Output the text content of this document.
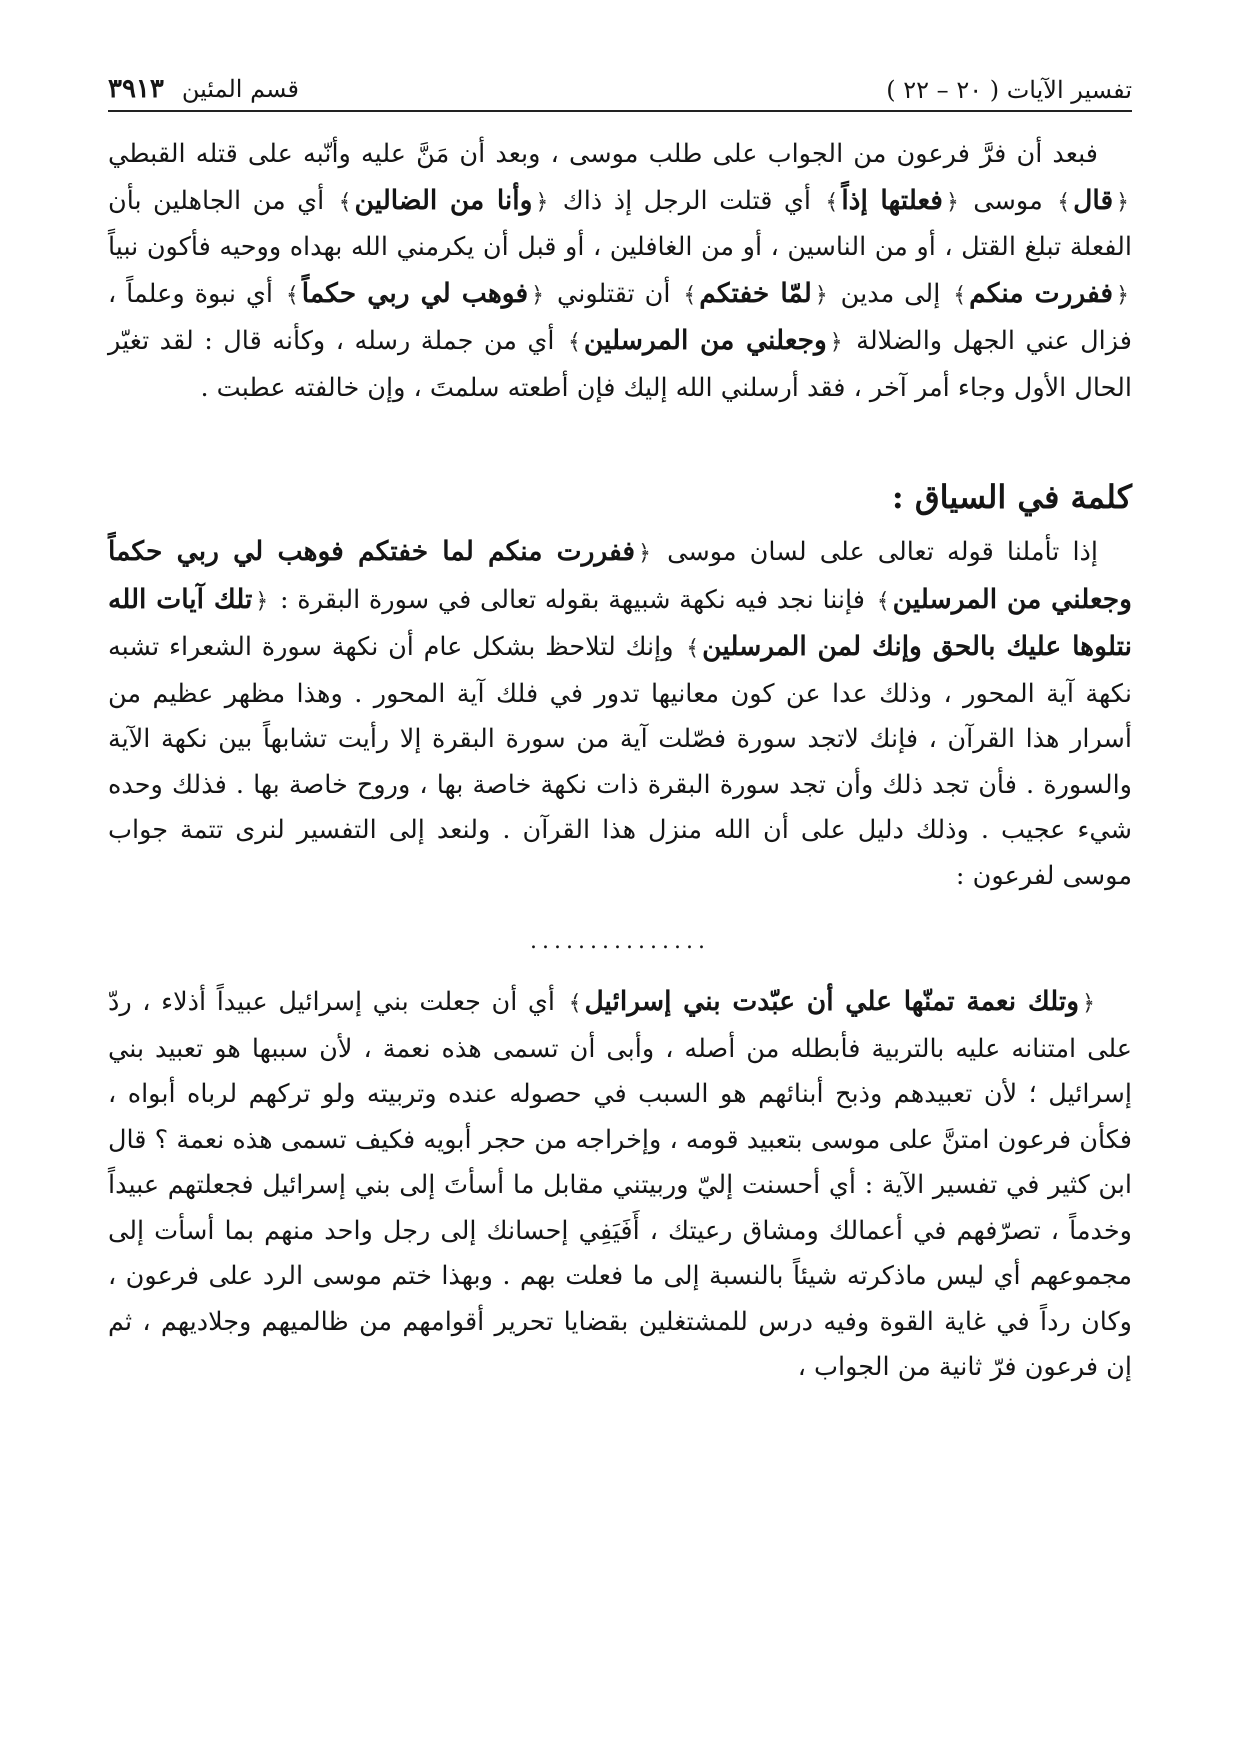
تفسير الآيات ( ٢٠ – ٢٢ )
قسم المئين
٣٩١٣

فبعد أن فرَّ فرعون من الجواب على طلب موسى ، وبعد أن مَنَّ عليه وأنّبه على قتله القبطي ﴿قال﴾ موسى ﴿فعلتها إذاً﴾ أي قتلت الرجل إذ ذاك ﴿وأنا من الضالين﴾ أي من الجاهلين بأن الفعلة تبلغ القتل ، أو من الناسين ، أو من الغافلين ، أو قبل أن يكرمني الله بهداه ووحيه فأكون نبياً ﴿ففررت منكم﴾ إلى مدين ﴿لمّا خفتكم﴾ أن تقتلوني ﴿فوهب لي ربي حكماً﴾ أي نبوة وعلماً ، فزال عني الجهل والضلالة ﴿وجعلني من المرسلين﴾ أي من جملة رسله ، وكأنه قال : لقد تغيّر الحال الأول وجاء أمر آخر ، فقد أرسلني الله إليك فإن أطعته سلمتَ ، وإن خالفته عطبت .

كلمة في السياق :

إذا تأملنا قوله تعالى على لسان موسى ﴿ففررت منكم لما خفتكم فوهب لي ربي حكماً وجعلني من المرسلين﴾ فإننا نجد فيه نكهة شبيهة بقوله تعالى في سورة البقرة : ﴿تلك آيات الله نتلوها عليك بالحق وإنك لمن المرسلين﴾ وإنك لتلاحظ بشكل عام أن نكهة سورة الشعراء تشبه نكهة آية المحور ، وذلك عدا عن كون معانيها تدور في فلك آية المحور . وهذا مظهر عظيم من أسرار هذا القرآن ، فإنك لاتجد سورة فصّلت آية من سورة البقرة إلا رأيت تشابهاً بين نكهة الآية والسورة . فأن تجد ذلك وأن تجد سورة البقرة ذات نكهة خاصة بها ، وروح خاصة بها . فذلك وحده شيء عجيب . وذلك دليل على أن الله منزل هذا القرآن . ولنعد إلى التفسير لنرى تتمة جواب موسى لفرعون :

...............

﴿وتلك نعمة تمنّها علي أن عبّدت بني إسرائيل﴾ أي أن جعلت بني إسرائيل عبيداً أذلاء ، ردّ على امتنانه عليه بالتربية فأبطله من أصله ، وأبى أن تسمى هذه نعمة ، لأن سببها هو تعبيد بني إسرائيل ؛ لأن تعبيدهم وذبح أبنائهم هو السبب في حصوله عنده وتربيته ولو تركهم لرباه أبواه ، فكأن فرعون امتنَّ على موسى بتعبيد قومه ، وإخراجه من حجر أبويه فكيف تسمى هذه نعمة ؟ قال ابن كثير في تفسير الآية : أي أحسنت إليّ وربيتني مقابل ما أسأتَ إلى بني إسرائيل فجعلتهم عبيداً وخدماً ، تصرّفهم في أعمالك ومشاق رعيتك ، أَفَيَفِي إحسانك إلى رجل واحد منهم بما أسأت إلى مجموعهم أي ليس ماذكرته شيئاً بالنسبة إلى ما فعلت بهم . وبهذا ختم موسى الرد على فرعون ، وكان رداً في غاية القوة وفيه درس للمشتغلين بقضايا تحرير أقوامهم من ظالميهم وجلاديهم ، ثم إن فرعون فرّ ثانية من الجواب ،
